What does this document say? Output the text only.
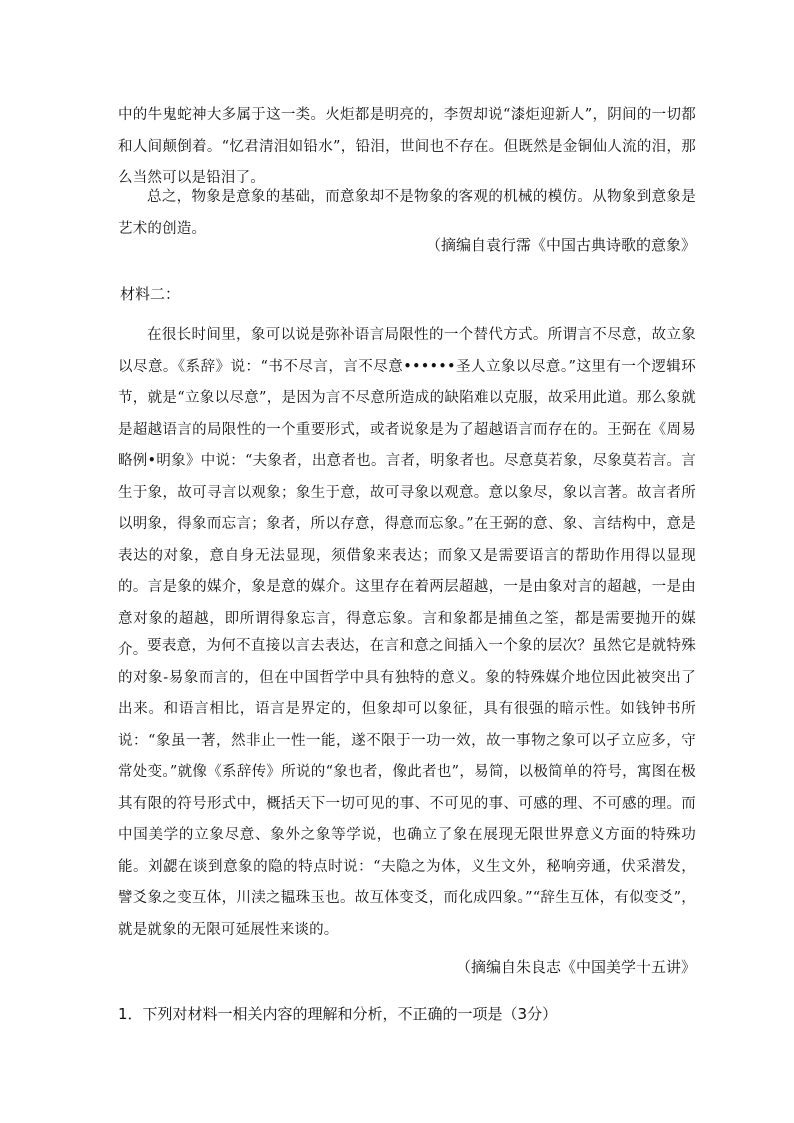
中的牛鬼蛇神大多属于这一类。火炬都是明亮的，李贺却说“漆炬迎新人”，阴间的一切都和人间颠倒着。“忆君清泪如铅水”，铅泪，世间也不存在。但既然是金铜仙人流的泪，那么当然可以是铅泪了。

总之，物象是意象的基础，而意象却不是物象的客观的机械的模仿。从物象到意象是艺术的创造。

（摘编自袁行霈《中国古典诗歌的意象》
材料二：

在很长时间里，象可以说是弥补语言局限性的一个替代方式。所谓言不尽意，故立象以尽意。《系辞》说：“书不尽言，言不尽意••••••圣人立象以尽意。”这里有一个逻辑环节，就是“立象以尽意”，是因为言不尽意所造成的缺陷难以克服，故采用此道。那么象就是超越语言的局限性的一个重要形式，或者说象是为了超越语言而存在的。王弼在《周易略例•明象》中说：“夫象者，出意者也。言者，明象者也。尽意莫若象，尽象莫若言。言生于象，故可寻言以观象；象生于意，故可寻象以观意。意以象尽，象以言著。故言者所以明象，得象而忘言；象者，所以存意，得意而忘象。”在王弼的意、象、言结构中，意是表达的对象，意自身无法显现，须借象来表达；而象又是需要语言的帮助作用得以显现的。言是象的媒介，象是意的媒介。这里存在着两层超越，一是由象对言的超越，一是由意对象的超越，即所谓得象忘言，得意忘象。言和象都是捕鱼之筌，都是需要抛开的媒介。 要表意，为何不直接以言去表达，在言和意之间插入一个象的层次？虽然它是就特殊的对象-易象而言的，但在中国哲学中具有独特的意义。象的特殊媒介地位因此被突出了出来。和语言相比，语言是界定的，但象却可以象征，具有很强的暗示性。如钱钟书所说：“象虽一著，然非止一性一能，遂不限于一功一效，故一事物之象可以孑立应多，守常处变。”就像《系辞传》所说的“象也者，像此者也”，易简，以极简单的符号，寓图在极其有限的符号形式中，概括天下一切可见的事、不可见的事、可感的理、不可感的理。而中国美学的立象尽意、象外之象等学说，也确立了象在展现无限世界意义方面的特殊功能。刘勰在谈到意象的隐的特点时说：“夫隐之为体，义生文外，秘响旁通，伏采潜发，譬爻象之变互体，川渎之韫珠玉也。故互体变爻，而化成四象。”“辞生互体，有似变爻”，就是就象的无限可延展性来谈的。

（摘编自朱良志《中国美学十五讲》
1．下列对材料一相关内容的理解和分析，不正确的一项是（3分）
